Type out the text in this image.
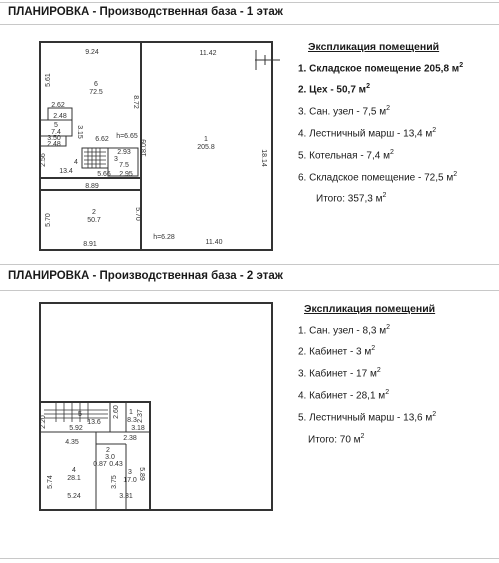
ПЛАНИРОВКА - Производственная база - 1 этаж
9.24	11.42
5.61
8.72
6
72.5
1
205.8
18.09
18.14
2.62
2.48
5
7.4
3.50
2.48
3.15
6.62 h=6.65
2.56	4
13.4	5.66
2.93
3
7.5
2.95
8.89
2
50.7
5.70	5.70
8.91
h=6.28
11.40
Экспликация помещений
1. Складское помещение 205,8 $м^2$
2. Цех - 50,7 $м^2$
3. Сан. узел - 7,5 $м^2$
4. Лестничный марш - 13,4 $м^2$
5. Котельная - 7,4 $м^2$
6. Складское помещение - 72,5 $м^2$
Итого: 357,3 $м^2$
ПЛАНИРОВКА - Производственная база - 2 этаж
2.20
5
13.6
2.60 1
8.3 2.37
5.92	3.18
4.35
2.38
2
3.0
0.87 0.43
4
28.1
5.74	3.75
3
17.0 5.89
5.24	3.31
Экспликация помещений
1. Сан. узел - 8,3 $м^2$
2. Кабинет - 3 $м^2$
3. Кабинет - 17 $м^2$
4. Кабинет - 28,1 $м^2$
5. Лестничный марш - 13,6 $м^2$
Итого: 70 $м^2$
